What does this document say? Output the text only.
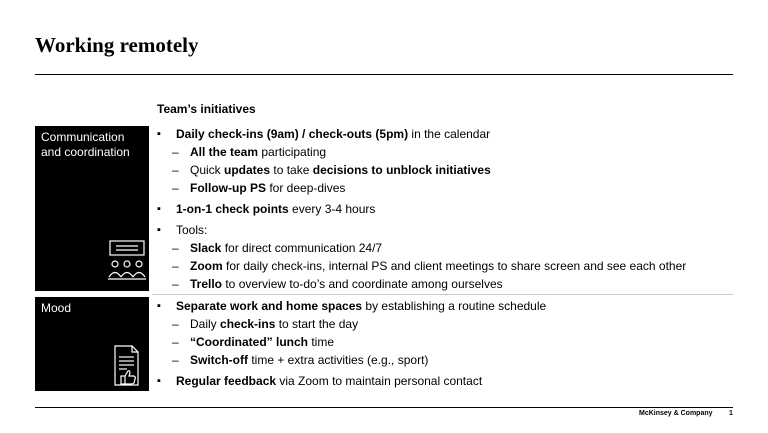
Working remotely
Team’s initiatives
Communication
and coordination
▪ Daily check-ins (9am) / check-outs (5pm) in the calendar
– All the team participating
– Quick updates to take decisions to unblock initiatives
– Follow-up PS for deep-dives
▪ 1-on-1 check points every 3-4 hours
▪ Tools:
– Slack for direct communication 24/7
– Zoom for daily check-ins, internal PS and client meetings to share screen and see each other
– Trello to overview to-do’s and coordinate among ourselves
Mood
▪	Separate work and home spaces by establishing a routine schedule
– Daily check-ins to start the day
– “Coordinated” lunch time
– Switch-off time + extra activities (e.g., sport)
▪ Regular feedback via Zoom to maintain personal contact
McKinsey & Company 1
